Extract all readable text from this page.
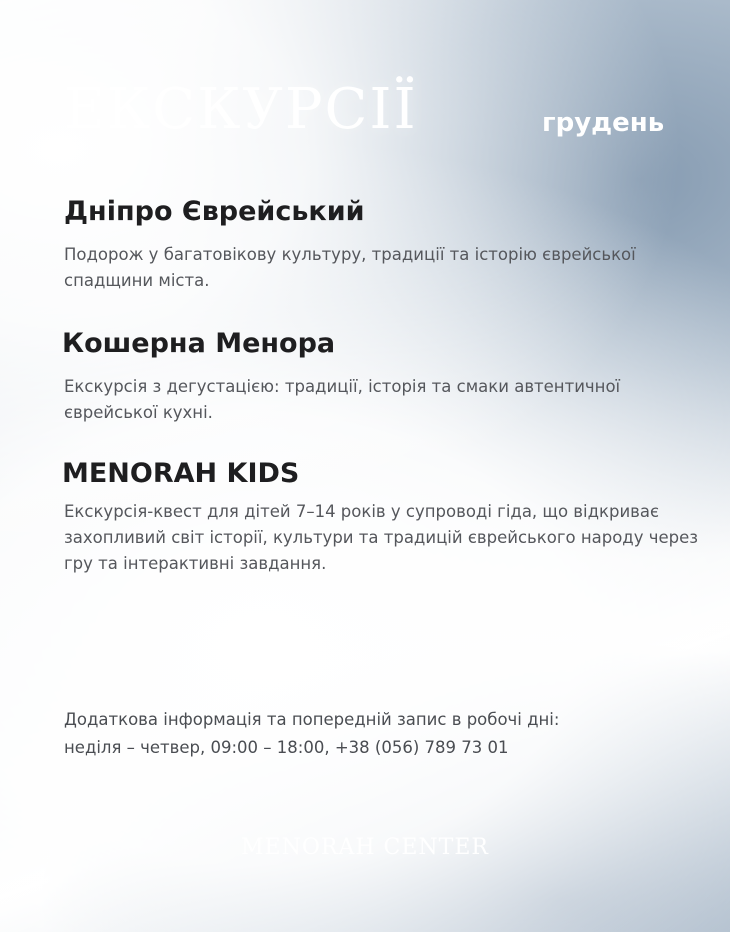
ЕКСКУРСІЇ	грудень
Дніпро Єврейський
Подорож у багатовікову культуру, традиції та історію єврейської спадщини міста.
Кошерна Менора
Екскурсія з дегустацією: традиції, історія та смаки автентичної єврейської кухні.
MENORAH KIDS
Екскурсія-квест для дітей 7–14 років у супроводі гіда, що відкриває захопливий світ історії, культури та традицій єврейського народу через гру та інтерактивні завдання.
Додаткова інформація та попередній запис в робочі дні:
неділя – четвер, 09:00 – 18:00, +38 (056) 789 73 01
MENORAH CENTER
